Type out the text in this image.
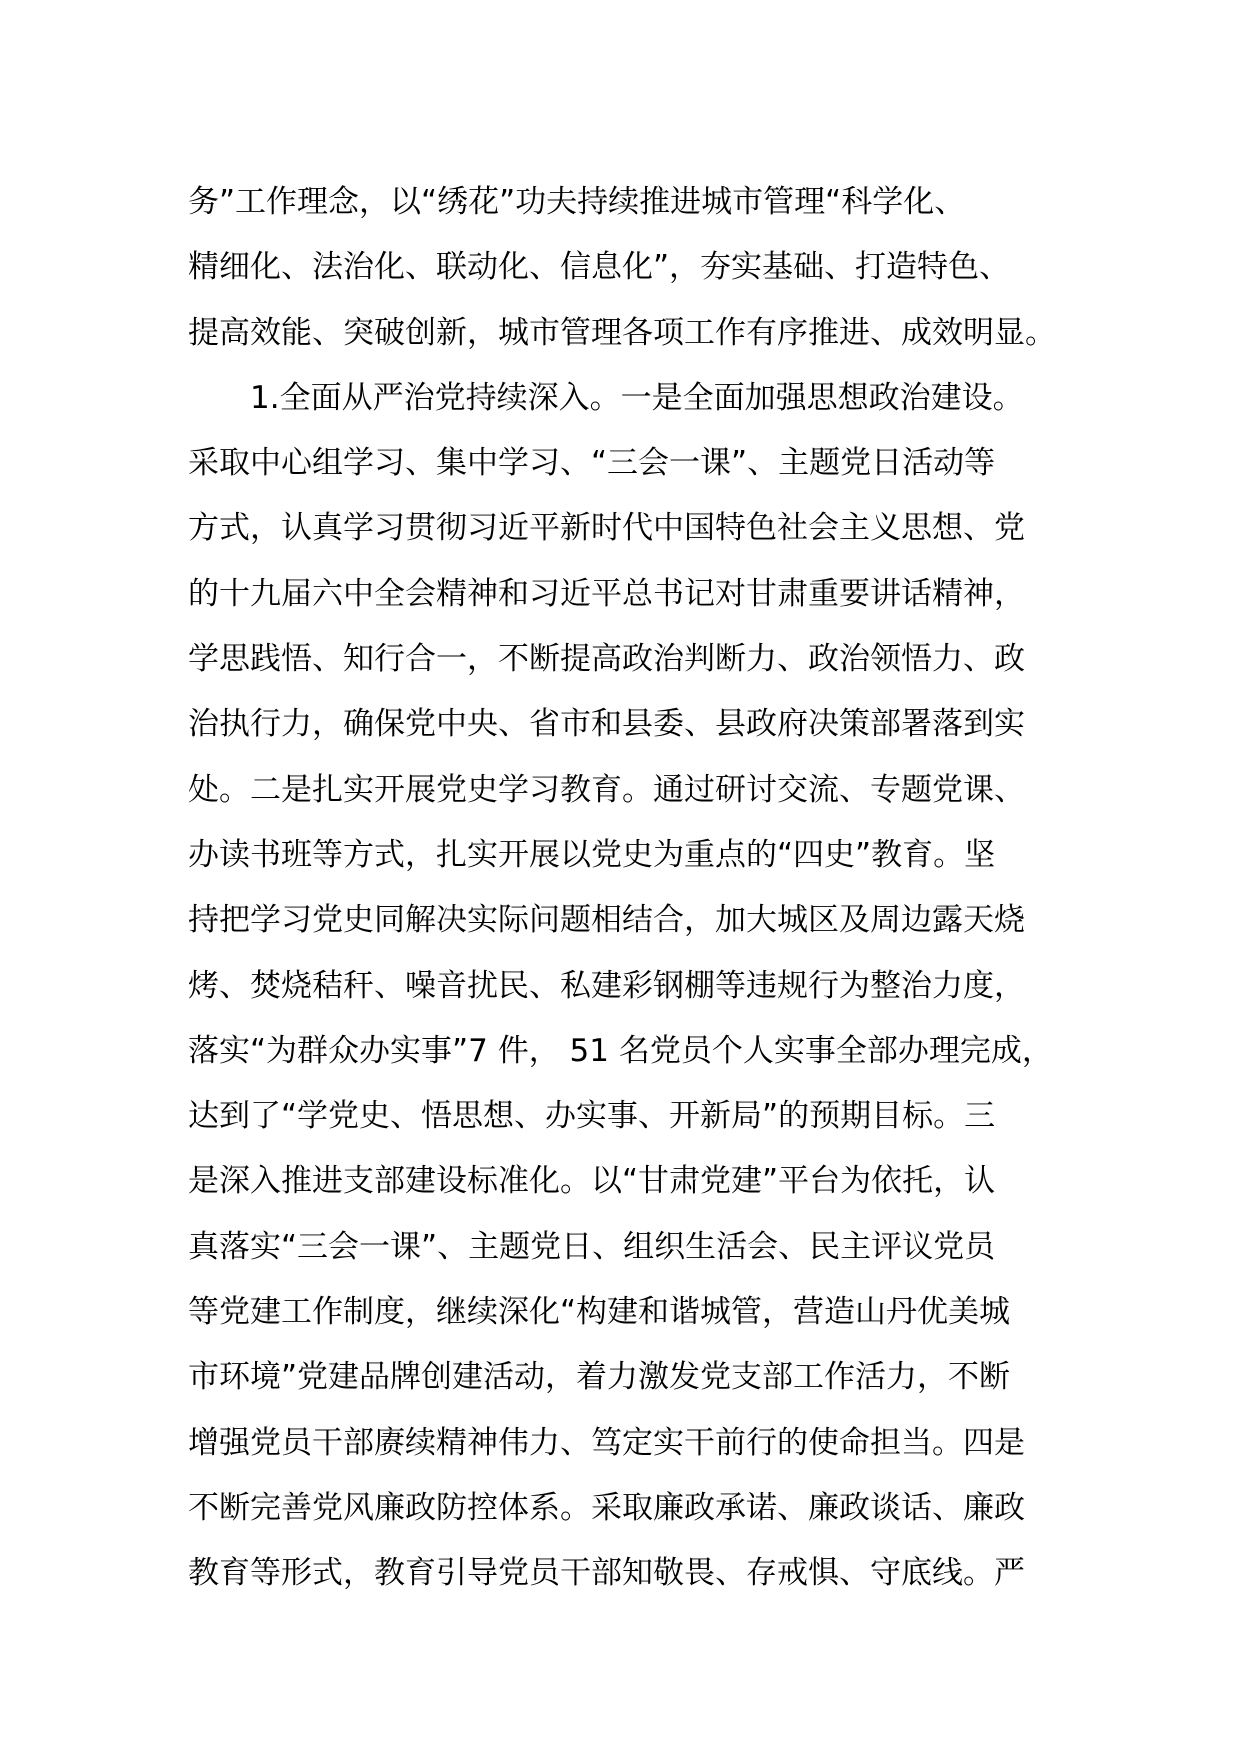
务”工作理念，以“绣花”功夫持续推进城市管理“科学化、
精细化、法治化、联动化、信息化”，夯实基础、打造特色、
提高效能、突破创新，城市管理各项工作有序推进、成效明显。
1.全面从严治党持续深入。一是全面加强思想政治建设。
采取中心组学习、集中学习、“三会一课”、主题党日活动等
方式，认真学习贯彻习近平新时代中国特色社会主义思想、党
的十九届六中全会精神和习近平总书记对甘肃重要讲话精神，
学思践悟、知行合一，不断提高政治判断力、政治领悟力、政
治执行力，确保党中央、省市和县委、县政府决策部署落到实
处。二是扎实开展党史学习教育。通过研讨交流、专题党课、
办读书班等方式，扎实开展以党史为重点的“四史”教育。坚
持把学习党史同解决实际问题相结合，加大城区及周边露天烧
烤、焚烧秸秆、噪音扰民、私建彩钢棚等违规行为整治力度，
落实“为群众办实事”7 件， 51 名党员个人实事全部办理完成，
达到了“学党史、悟思想、办实事、开新局”的预期目标。三
是深入推进支部建设标准化。以“甘肃党建”平台为依托，认
真落实“三会一课”、主题党日、组织生活会、民主评议党员
等党建工作制度，继续深化“构建和谐城管，营造山丹优美城
市环境”党建品牌创建活动，着力激发党支部工作活力，不断
增强党员干部赓续精神伟力、笃定实干前行的使命担当。四是
不断完善党风廉政防控体系。采取廉政承诺、廉政谈话、廉政
教育等形式，教育引导党员干部知敬畏、存戒惧、守底线。严
